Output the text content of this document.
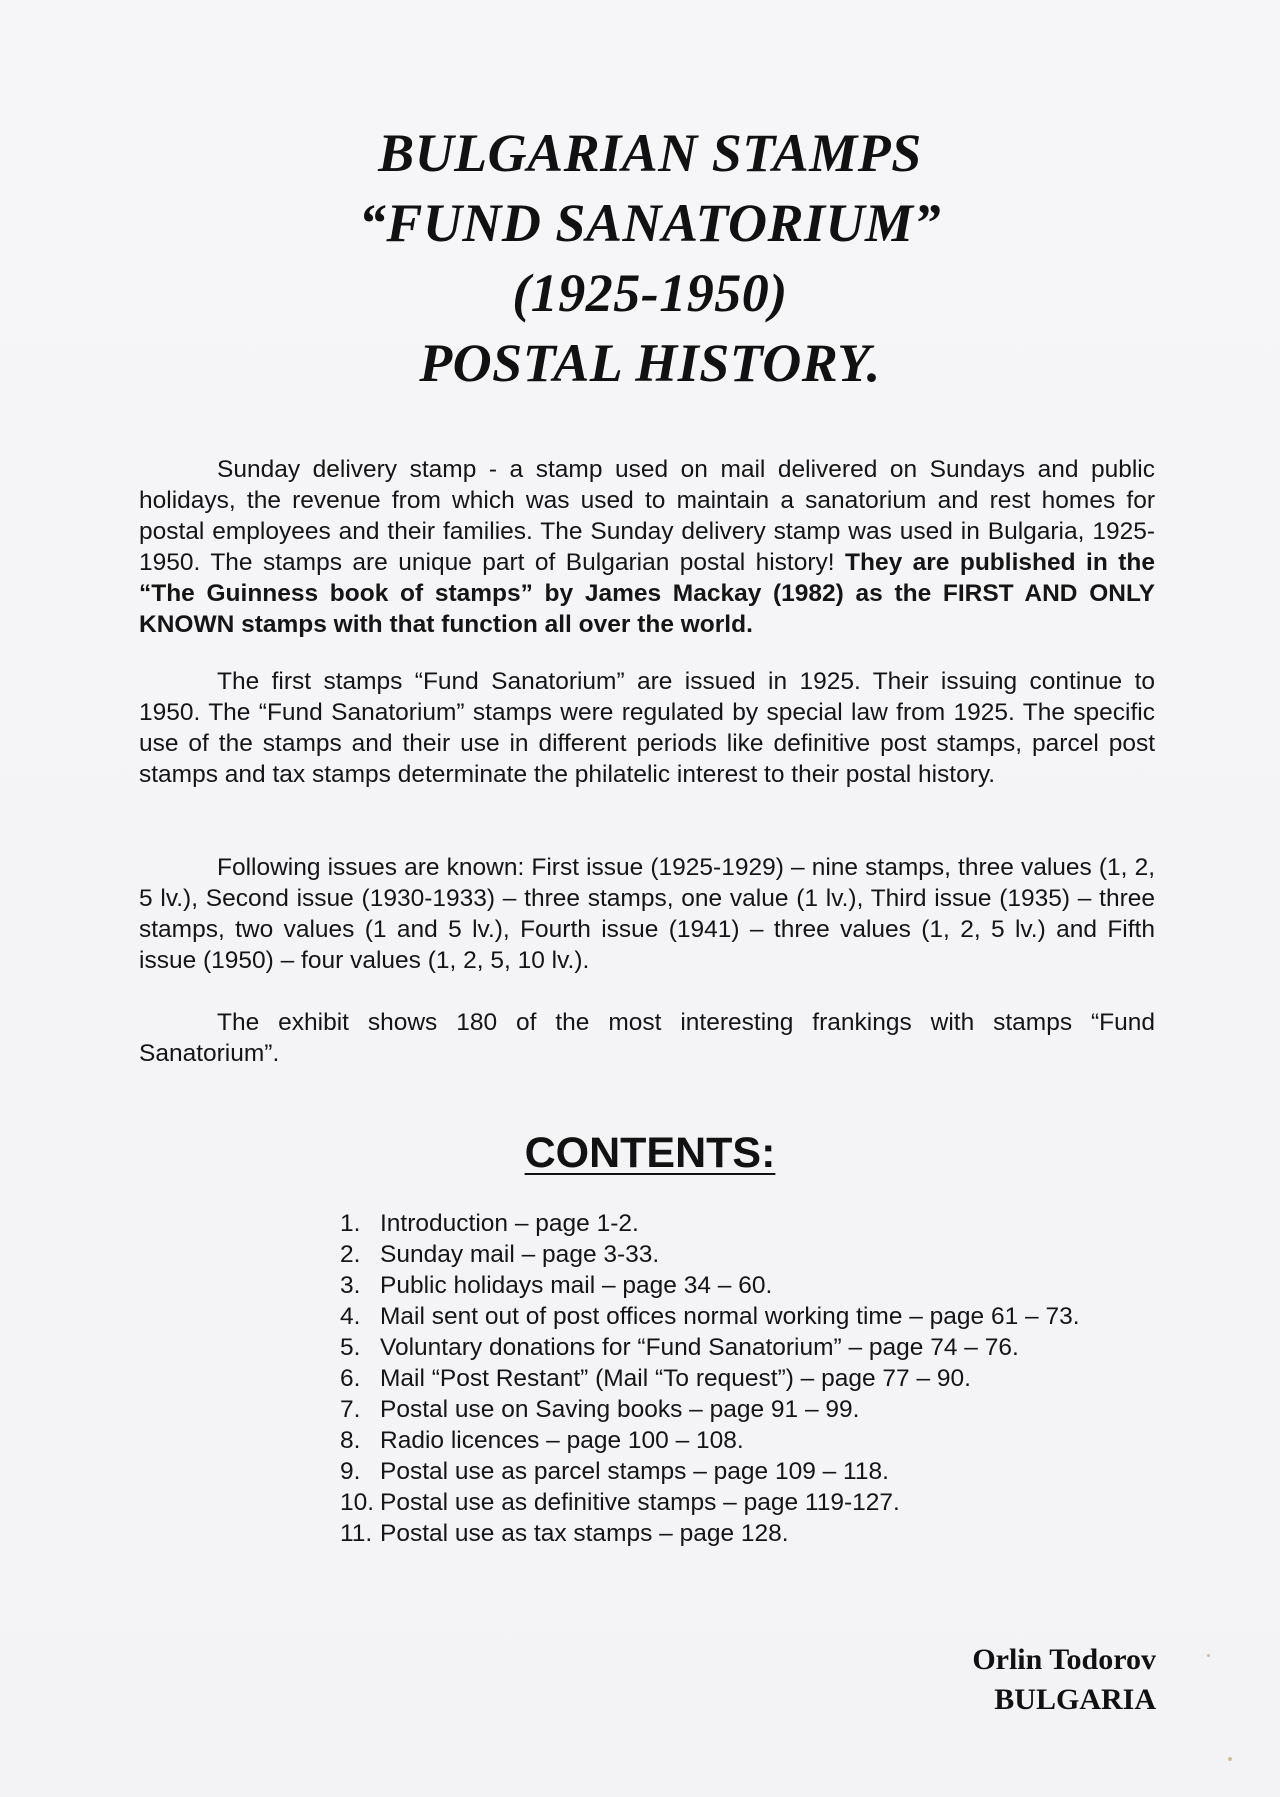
BULGARIAN STAMPS

“FUND SANATORIUM”

(1925-1950)

POSTAL HISTORY.

Sunday delivery stamp - a stamp used on mail delivered on Sundays and public holidays, the revenue from which was used to maintain a sanatorium and rest homes for postal employees and their families. The Sunday delivery stamp was used in Bulgaria, 1925-1950. The stamps are unique part of Bulgarian postal history! They are published in the “The Guinness book of stamps” by James Mackay (1982) as the FIRST AND ONLY KNOWN stamps with that function all over the world.

The first stamps “Fund Sanatorium” are issued in 1925. Their issuing continue to 1950. The “Fund Sanatorium” stamps were regulated by special law from 1925. The specific use of the stamps and their use in different periods like definitive post stamps, parcel post stamps and tax stamps determinate the philatelic interest to their postal history.

Following issues are known: First issue (1925-1929) – nine stamps, three values (1, 2, 5 lv.), Second issue (1930-1933) – three stamps, one value (1 lv.), Third issue (1935) – three stamps, two values (1 and 5 lv.), Fourth issue (1941) – three values (1, 2, 5 lv.) and Fifth issue (1950) – four values (1, 2, 5, 10 lv.).

The exhibit shows 180 of the most interesting frankings with stamps “Fund Sanatorium”.

CONTENTS:
1. Introduction – page 1-2.
2. Sunday mail – page 3-33.
3. Public holidays mail – page 34 – 60.
4. Mail sent out of post offices normal working time – page 61 – 73.
5. Voluntary donations for “Fund Sanatorium” – page 74 – 76.
6. Mail “Post Restant” (Mail “To request”) – page 77 – 90.
7. Postal use on Saving books – page 91 – 99.
8. Radio licences – page 100 – 108.
9. Postal use as parcel stamps – page 109 – 118.
10. Postal use as definitive stamps – page 119-127.
11. Postal use as tax stamps – page 128.
Orlin Todorov
BULGARIA
